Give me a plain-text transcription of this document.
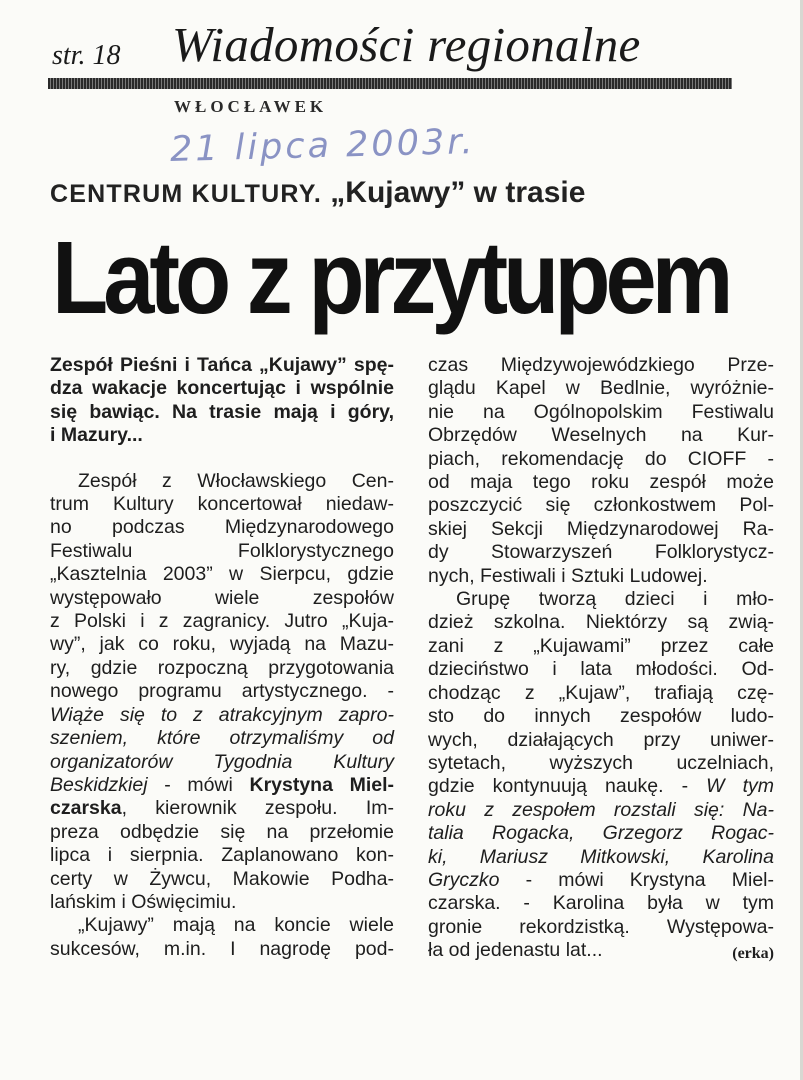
str. 18 Wiadomości regionalne
WŁOCŁAWEK
21 lipca 2003r.
CENTRUM KULTURY. „Kujawy” w trasie
Lato z przytupem

Zespół Pieśni i Tańca „Kujawy” spę-

dza wakacje koncertując i wspólnie

się bawiąc. Na trasie mają i góry,

i Mazury...

Zespół z Włocławskiego Cen-

trum Kultury koncertował niedaw-

no podczas Międzynarodowego

Festiwalu Folklorystycznego

„Kasztelnia 2003” w Sierpcu, gdzie

występowało wiele zespołów

z Polski i z zagranicy. Jutro „Kuja-

wy”, jak co roku, wyjadą na Mazu-

ry, gdzie rozpoczną przygotowania

nowego programu artystycznego. -

Wiąże się to z atrakcyjnym zapro-

szeniem, które otrzymaliśmy od

organizatorów Tygodnia Kultury

Beskidzkiej - mówi Krystyna Miel-

czarska, kierownik zespołu. Im-

preza odbędzie się na przełomie

lipca i sierpnia. Zaplanowano kon-

certy w Żywcu, Makowie Podha-

lańskim i Oświęcimiu.

„Kujawy” mają na koncie wiele

sukcesów, m.in. I nagrodę pod-

czas Międzywojewódzkiego Prze-

glądu Kapel w Bedlnie, wyróżnie-

nie na Ogólnopolskim Festiwalu

Obrzędów Weselnych na Kur-

piach, rekomendację do CIOFF -

od maja tego roku zespół może

poszczycić się członkostwem Pol-

skiej Sekcji Międzynarodowej Ra-

dy Stowarzyszeń Folklorystycz-

nych, Festiwali i Sztuki Ludowej.

Grupę tworzą dzieci i mło-

dzież szkolna. Niektórzy są zwią-

zani z „Kujawami” przez całe

dzieciństwo i lata młodości. Od-

chodząc z „Kujaw”, trafiają czę-

sto do innych zespołów ludo-

wych, działających przy uniwer-

sytetach, wyższych uczelniach,

gdzie kontynuują naukę. - W tym

roku z zespołem rozstali się: Na-

talia Rogacka, Grzegorz Rogac-

ki, Mariusz Mitkowski, Karolina

Gryczko - mówi Krystyna Miel-

czarska. - Karolina była w tym

gronie rekordzistką. Występowa-

ła od jedenastu lat...	(erka)
